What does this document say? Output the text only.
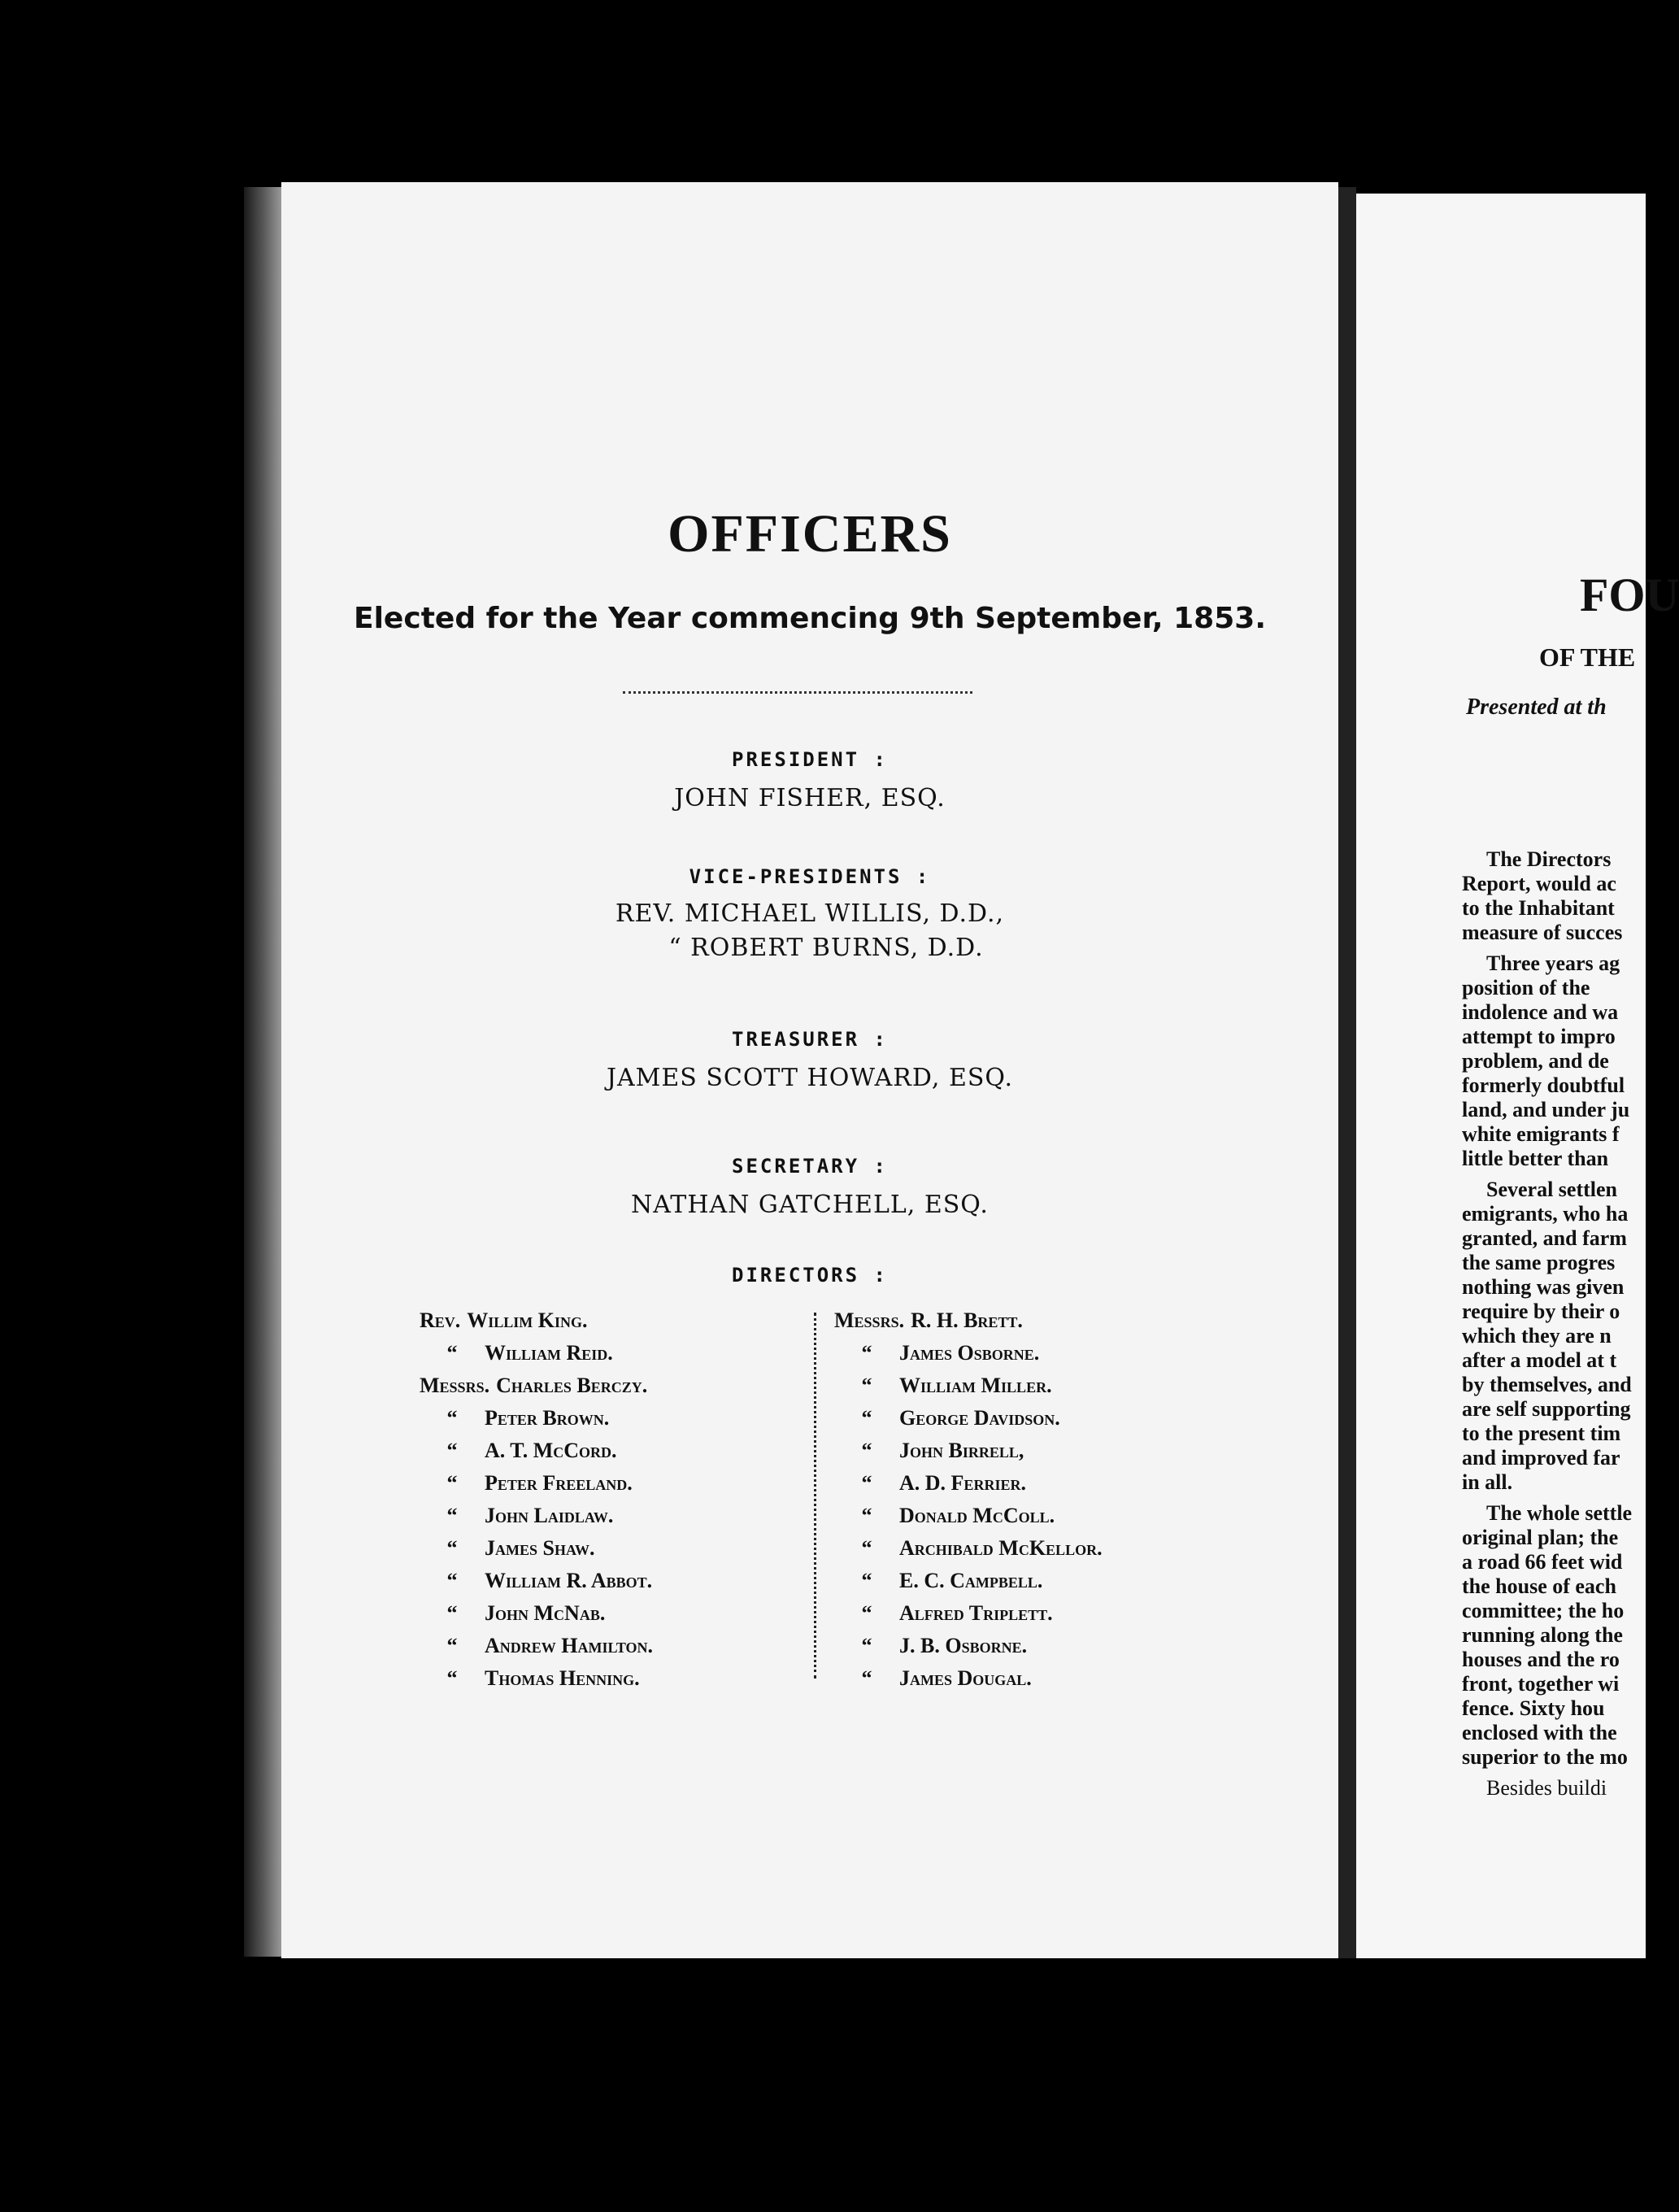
OFFICERS
Elected for the Year commencing 9th September, 1853.
PRESIDENT :
JOHN FISHER, ESQ.
VICE-PRESIDENTS :
REV. MICHAEL WILLIS, D.D.,
“ ROBERT BURNS, D.D.
TREASURER :
JAMES SCOTT HOWARD, ESQ.
SECRETARY :
NATHAN GATCHELL, ESQ.
DIRECTORS :
Rev. Willim King.
“ William Reid.
Messrs. Charles Berczy.
“ Peter Brown.
“ A. T. McCord.
“ Peter Freeland.
“ John Laidlaw.
“ James Shaw.
“ William R. Abbot.
“ John McNab.
“ Andrew Hamilton.
“ Thomas Henning.
Messrs. R. H. Brett.
“ James Osborne.
“ William Miller.
“ George Davidson.
“ John Birrell,
“ A. D. Ferrier.
“ Donald McColl.
“ Archibald McKellor.
“ E. C. Campbell.
“ Alfred Triplett.
“ J. B. Osborne.
“ James Dougal.
FOU
OF THE
Presented at th
The Directors
Report, would ac
to the Inhabitant
measure of succes
Three years ag
position of the
indolence and wa
attempt to impro
problem, and de
formerly doubtful
land, and under ju
white emigrants f
little better than
Several settlen
emigrants, who ha
granted, and farm
the same progres
nothing was given
require by their o
which they are n
after a model at t
by themselves, and
are self supporting
to the present tim
and improved far
in all.
The whole settle
original plan; the
a road 66 feet wid
the house of each
committee; the ho
running along the
houses and the ro
front, together wi
fence. Sixty hou
enclosed with the
superior to the mo
Besides buildi
